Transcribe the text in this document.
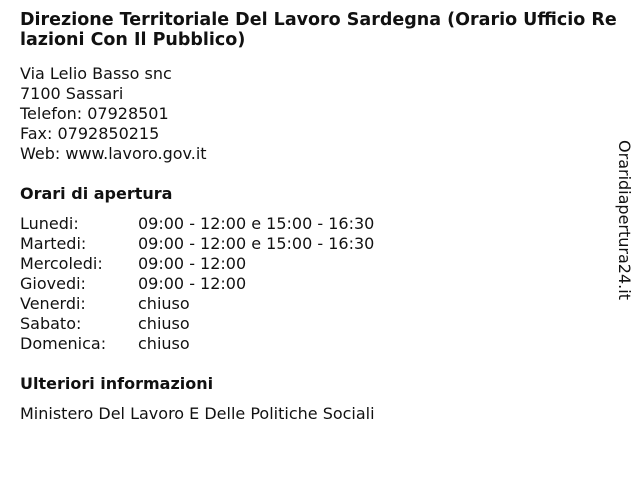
Direzione Territoriale Del Lavoro Sardegna (Orario Ufficio Relazioni Con Il Pubblico)
Via Lelio Basso snc
7100 Sassari
Telefon: 07928501
Fax: 0792850215
Web: www.lavoro.gov.it
Orari di apertura
Lunedi:	09:00 - 12:00 e 15:00 - 16:30
Martedi:	09:00 - 12:00 e 15:00 - 16:30
Mercoledi:	09:00 - 12:00
Giovedi:	09:00 - 12:00
Venerdi:	chiuso
Sabato:	chiuso
Domenica:	chiuso
Ulteriori informazioni
Ministero Del Lavoro E Delle Politiche Sociali
Oraridiapertura24.it
